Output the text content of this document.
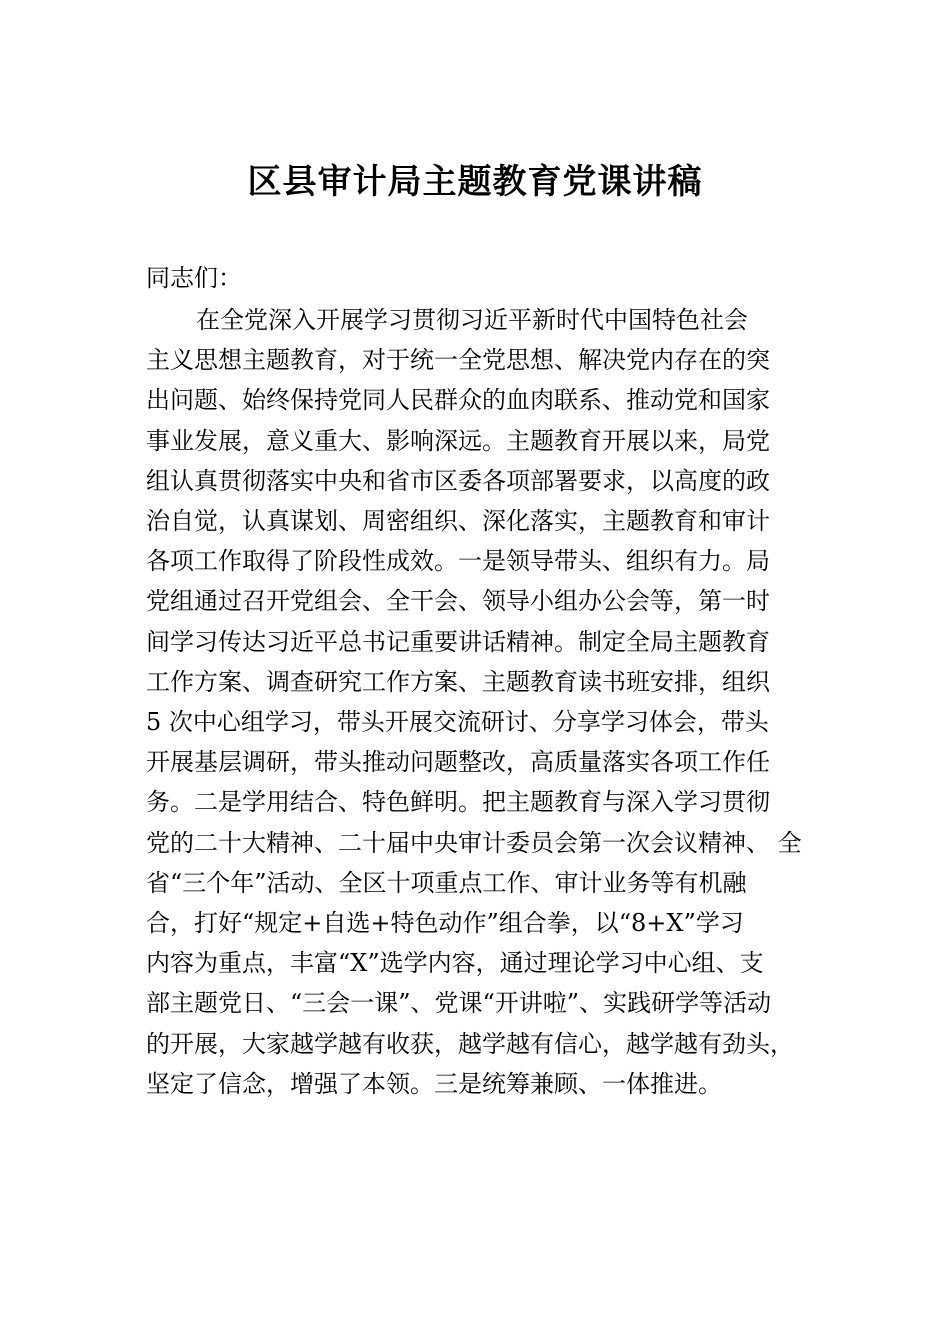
区县审计局主题教育党课讲稿
同志们：
在全党深入开展学习贯彻习近平新时代中国特色社会
主义思想主题教育，对于统一全党思想、解决党内存在的突
出问题、始终保持党同人民群众的血肉联系、推动党和国家
事业发展，意义重大、影响深远。主题教育开展以来，局党
组认真贯彻落实中央和省市区委各项部署要求，以高度的政
治自觉，认真谋划、周密组织、深化落实，主题教育和审计
各项工作取得了阶段性成效。一是领导带头、组织有力。局
党组通过召开党组会、全干会、领导小组办公会等，第一时
间学习传达习近平总书记重要讲话精神。制定全局主题教育
工作方案、调查研究工作方案、主题教育读书班安排，组织
5 次中心组学习，带头开展交流研讨、分享学习体会，带头
开展基层调研，带头推动问题整改，高质量落实各项工作任
务。二是学用结合、特色鲜明。把主题教育与深入学习贯彻
党的二十大精神、二十届中央审计委员会第一次会议精神、 全
省“三个年”活动、全区十项重点工作、审计业务等有机融
合，打好“规定+自选+特色动作”组合拳，以“8+X”学习
内容为重点，丰富“X”选学内容，通过理论学习中心组、支
部主题党日、“三会一课”、党课“开讲啦”、实践研学等活动
的开展，大家越学越有收获，越学越有信心，越学越有劲头，
坚定了信念，增强了本领。三是统筹兼顾、一体推进。
